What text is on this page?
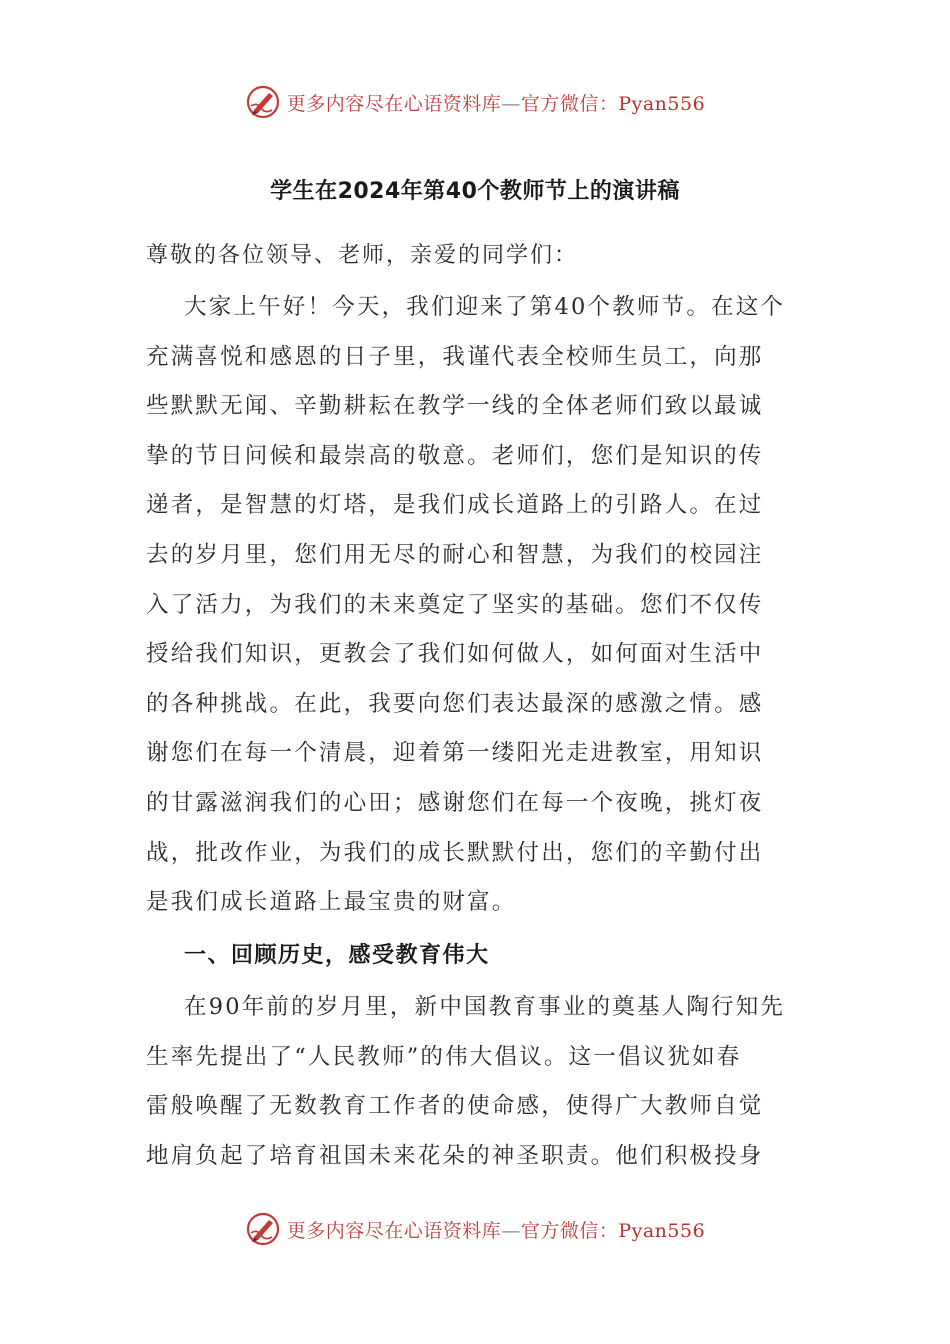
更多内容尽在心语资料库—官方微信：Pyan556
学生在2024年第40个教师节上的演讲稿
尊敬的各位领导、老师，亲爱的同学们：
大家上午好！今天，我们迎来了第40个教师节。在这个
充满喜悦和感恩的日子里，我谨代表全校师生员工，向那
些默默无闻、辛勤耕耘在教学一线的全体老师们致以最诚
挚的节日问候和最崇高的敬意。老师们，您们是知识的传
递者，是智慧的灯塔，是我们成长道路上的引路人。在过
去的岁月里，您们用无尽的耐心和智慧，为我们的校园注
入了活力，为我们的未来奠定了坚实的基础。您们不仅传
授给我们知识，更教会了我们如何做人，如何面对生活中
的各种挑战。在此，我要向您们表达最深的感激之情。感
谢您们在每一个清晨，迎着第一缕阳光走进教室，用知识
的甘露滋润我们的心田；感谢您们在每一个夜晚，挑灯夜
战，批改作业，为我们的成长默默付出，您们的辛勤付出
是我们成长道路上最宝贵的财富。
一、回顾历史，感受教育伟大
在90年前的岁月里，新中国教育事业的奠基人陶行知先
生率先提出了“人民教师”的伟大倡议。这一倡议犹如春
雷般唤醒了无数教育工作者的使命感，使得广大教师自觉
地肩负起了培育祖国未来花朵的神圣职责。他们积极投身
更多内容尽在心语资料库—官方微信：Pyan556
